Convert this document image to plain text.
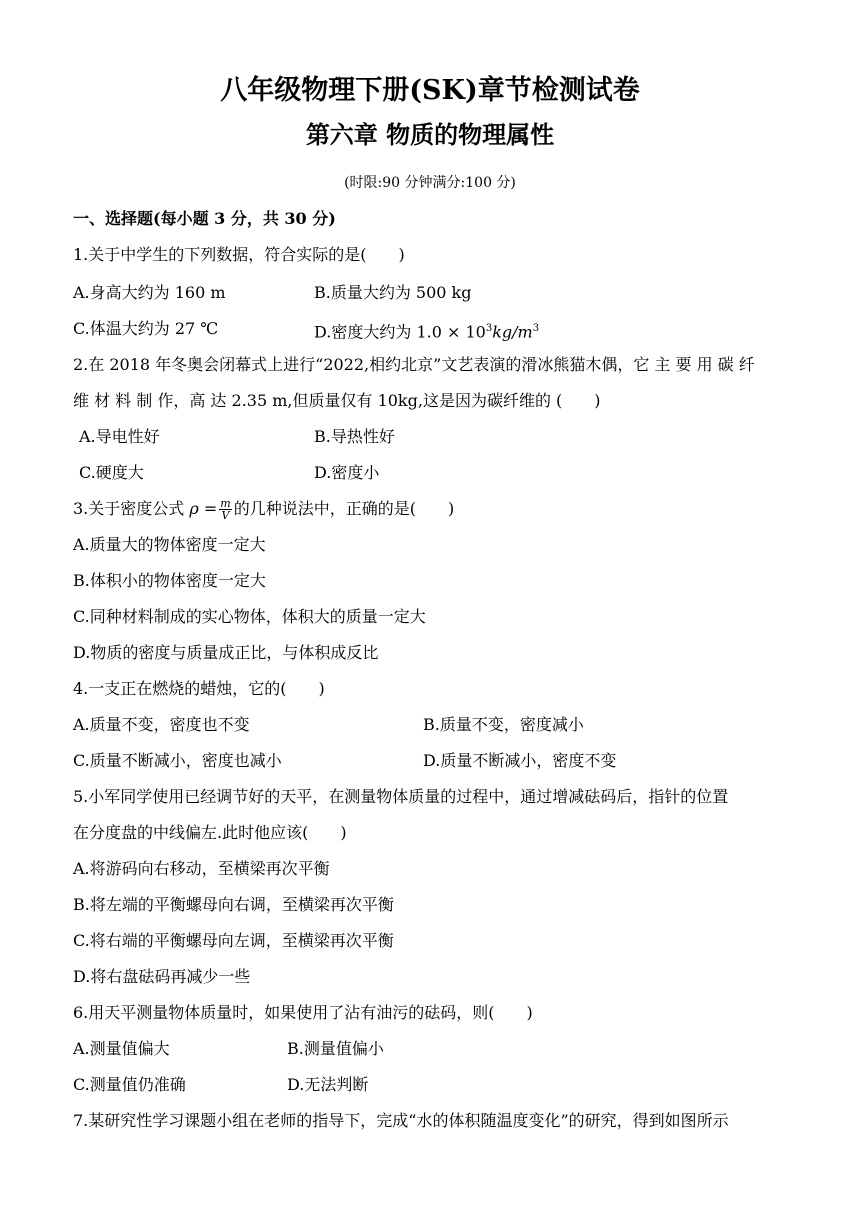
八年级物理下册(SK)章节检测试卷
第六章 物质的物理属性
(时限:90 分钟满分:100 分)
一、选择题(每小题 3 分，共 30 分)
1.关于中学生的下列数据，符合实际的是(　　)
A.身高大约为 160 m	B.质量大约为 500 kg
C.体温大约为 27 ℃	D.密度大约为 $1.0 \times 10^3kg/m^3$
2.在 2018 年冬奥会闭幕式上进行“2022,相约北京”文艺表演的滑冰熊猫木偶，它 主 要 用 碳 纤
维 材 料 制 作，高 达 2.35 m,但质量仅有 10kg,这是因为碳纤维的 (　　)
A.导电性好	B.导热性好
C.硬度大	D.密度小
3.关于密度公式 $\rho = \frac{m}{V}$ 的几种说法中，正确的是(　　)
A.质量大的物体密度一定大
B.体积小的物体密度一定大
C.同种材料制成的实心物体，体积大的质量一定大
D.物质的密度与质量成正比，与体积成反比
4.一支正在燃烧的蜡烛，它的(　　)
A.质量不变，密度也不变	B.质量不变，密度减小
C.质量不断减小，密度也减小	D.质量不断减小，密度不变
5.小军同学使用已经调节好的天平，在测量物体质量的过程中，通过增减砝码后，指针的位置
在分度盘的中线偏左.此时他应该(　　)
A.将游码向右移动，至横梁再次平衡
B.将左端的平衡螺母向右调，至横梁再次平衡
C.将右端的平衡螺母向左调，至横梁再次平衡
D.将右盘砝码再减少一些
6.用天平测量物体质量时，如果使用了沾有油污的砝码，则(　　)
A.测量值偏大	B.测量值偏小
C.测量值仍准确	D.无法判断
7.某研究性学习课题小组在老师的指导下，完成“水的体积随温度变化”的研究，得到如图所示
